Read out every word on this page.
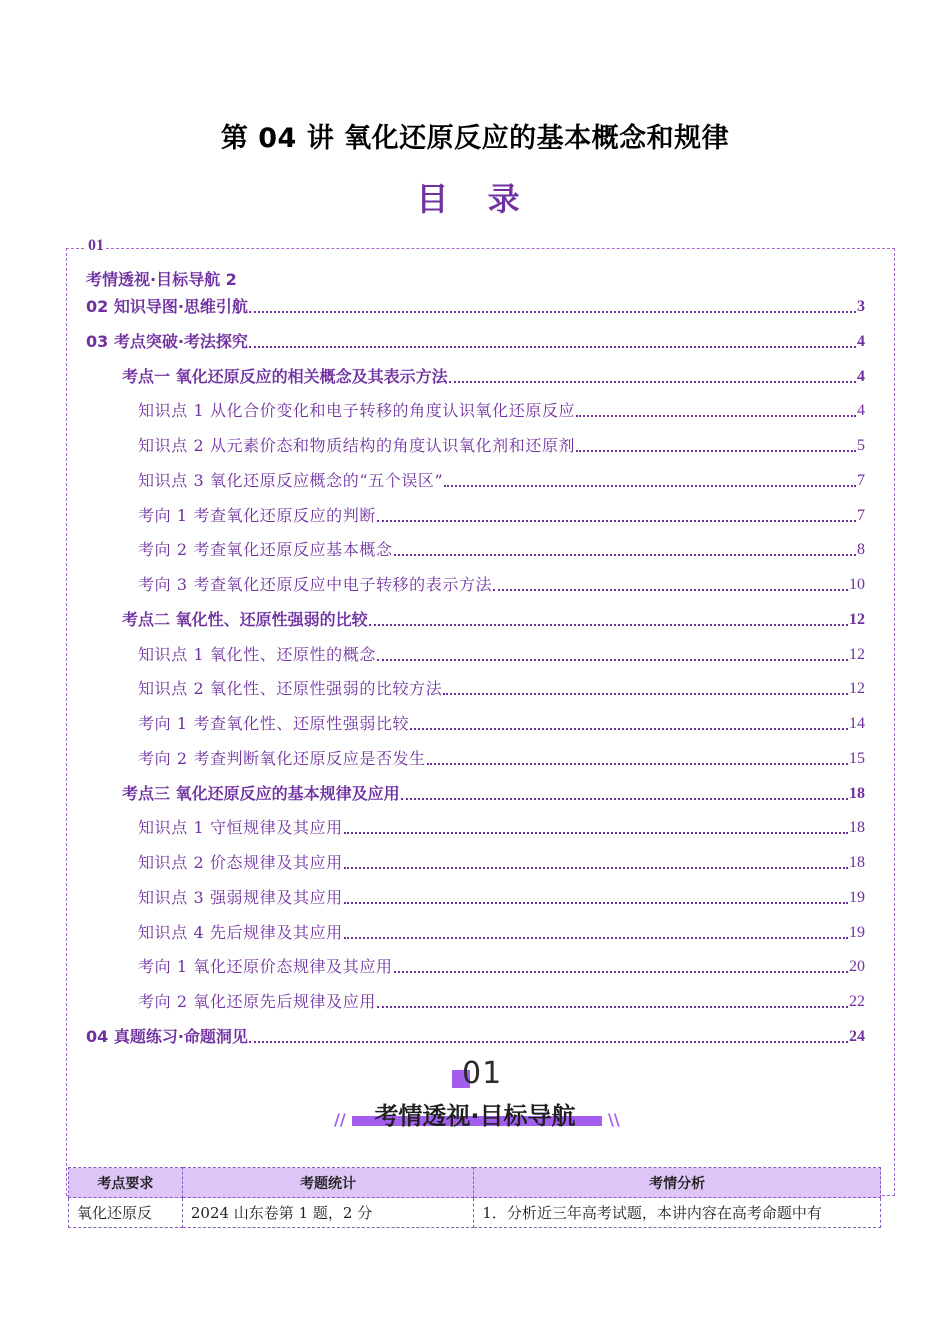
第 04 讲 氧化还原反应的基本概念和规律
目 录
01
考情透视·目标导航 2
02 知识导图·思维引航	3
03 考点突破·考法探究	4
考点一 氧化还原反应的相关概念及其表示方法	4
知识点 1 从化合价变化和电子转移的角度认识氧化还原反应	4
知识点 2 从元素价态和物质结构的角度认识氧化剂和还原剂	5
知识点 3 氧化还原反应概念的“五个误区”	7
考向 1 考查氧化还原反应的判断	7
考向 2 考查氧化还原反应基本概念	8
考向 3 考查氧化还原反应中电子转移的表示方法	10
考点二 氧化性、还原性强弱的比较	12
知识点 1 氧化性、还原性的概念	12
知识点 2 氧化性、还原性强弱的比较方法	12
考向 1 考查氧化性、还原性强弱比较	14
考向 2 考查判断氧化还原反应是否发生	15
考点三 氧化还原反应的基本规律及应用	18
知识点 1 守恒规律及其应用	18
知识点 2 价态规律及其应用	18
知识点 3 强弱规律及其应用	19
知识点 4 先后规律及其应用	19
考向 1 氧化还原价态规律及其应用	20
考向 2 氧化还原先后规律及应用	22
04 真题练习·命题洞见	24
01
//	考情透视·目标导航	\\
考点要求	考题统计	考情分析
氧化还原反	2024 山东卷第 1 题，2 分	1．分析近三年高考试题，本讲内容在高考命题中有
